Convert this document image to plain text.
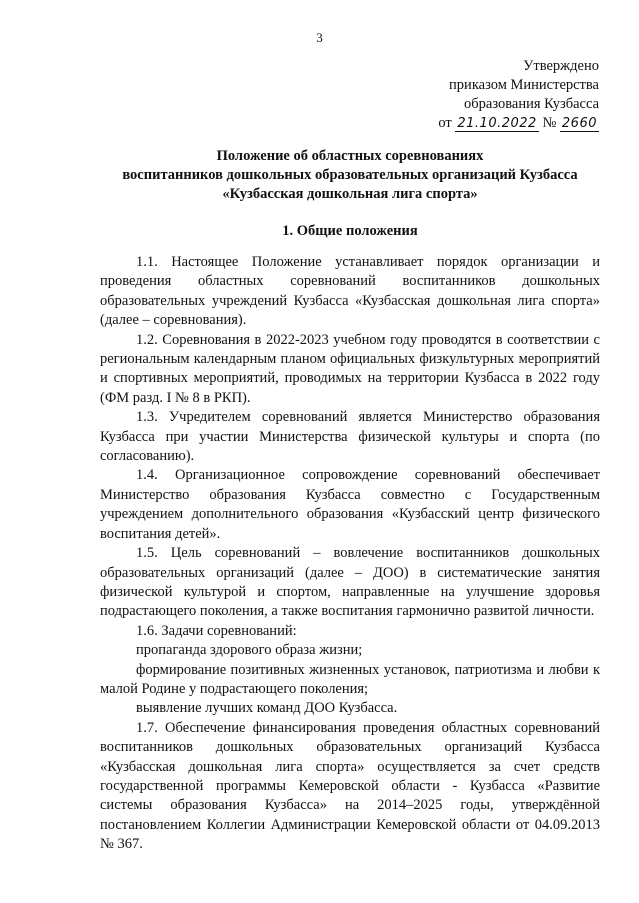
3
Утверждено
приказом Министерства
образования Кузбасса
от 21.10.2022 № 2660
Положение об областных соревнованиях
воспитанников дошкольных образовательных организаций Кузбасса
«Кузбасская дошкольная лига спорта»
1. Общие положения

1.1. Настоящее Положение устанавливает порядок организации и проведения областных соревнований воспитанников дошкольных образовательных учреждений Кузбасса «Кузбасская дошкольная лига спорта» (далее – соревнования).

1.2. Соревнования в 2022-2023 учебном году проводятся в соответствии с региональным календарным планом официальных физкультурных мероприятий и спортивных мероприятий, проводимых на территории Кузбасса в 2022 году (ФМ разд. I № 8 в РКП).

1.3. Учредителем соревнований является Министерство образования Кузбасса при участии Министерства физической культуры и спорта (по согласованию).

1.4. Организационное сопровождение соревнований обеспечивает Министерство образования Кузбасса совместно с Государственным учреждением дополнительного образования «Кузбасский центр физического воспитания детей».

1.5. Цель соревнований – вовлечение воспитанников дошкольных образовательных организаций (далее – ДОО) в систематические занятия физической культурой и спортом, направленные на улучшение здоровья подрастающего поколения, а также воспитания гармонично развитой личности.

1.6. Задачи соревнований:

пропаганда здорового образа жизни;

формирование позитивных жизненных установок, патриотизма и любви к малой Родине у подрастающего поколения;

выявление лучших команд ДОО Кузбасса.

1.7. Обеспечение финансирования проведения областных соревнований воспитанников дошкольных образовательных организаций Кузбасса «Кузбасская дошкольная лига спорта» осуществляется за счет средств государственной программы Кемеровской области - Кузбасса «Развитие системы образования Кузбасса» на 2014–2025 годы, утверждённой постановлением Коллегии Администрации Кемеровской области от 04.09.2013 № 367.
